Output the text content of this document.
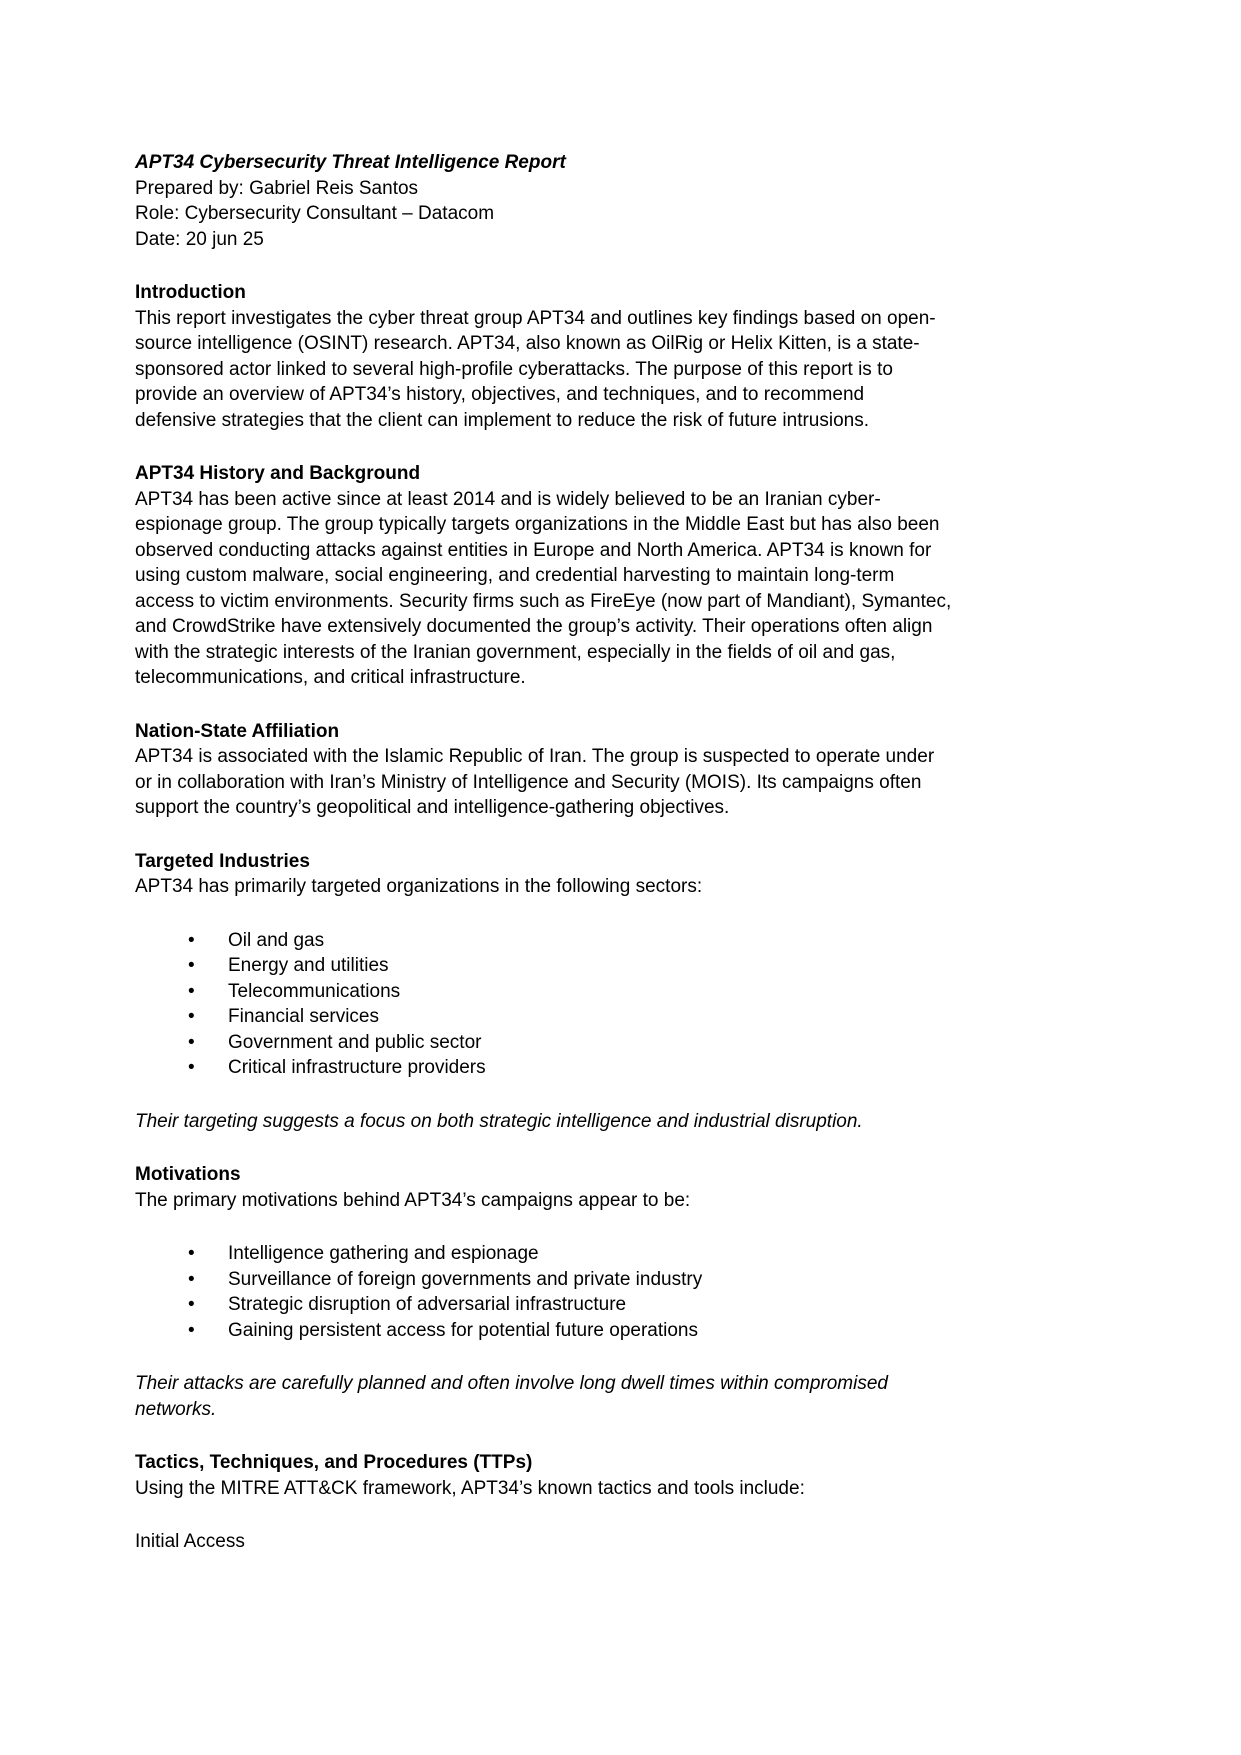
APT34 Cybersecurity Threat Intelligence Report
Prepared by: Gabriel Reis Santos
Role: Cybersecurity Consultant – Datacom
Date: 20 jun 25
Introduction

This report investigates the cyber threat group APT34 and outlines key findings based on open-
source intelligence (OSINT) research. APT34, also known as OilRig or Helix Kitten, is a state-
sponsored actor linked to several high-profile cyberattacks. The purpose of this report is to
provide an overview of APT34’s history, objectives, and techniques, and to recommend
defensive strategies that the client can implement to reduce the risk of future intrusions.

APT34 History and Background

APT34 has been active since at least 2014 and is widely believed to be an Iranian cyber-
espionage group. The group typically targets organizations in the Middle East but has also been
observed conducting attacks against entities in Europe and North America. APT34 is known for
using custom malware, social engineering, and credential harvesting to maintain long-term
access to victim environments. Security firms such as FireEye (now part of Mandiant), Symantec,
and CrowdStrike have extensively documented the group’s activity. Their operations often align
with the strategic interests of the Iranian government, especially in the fields of oil and gas,
telecommunications, and critical infrastructure.

Nation-State Affiliation

APT34 is associated with the Islamic Republic of Iran. The group is suspected to operate under
or in collaboration with Iran’s Ministry of Intelligence and Security (MOIS). Its campaigns often
support the country’s geopolitical and intelligence-gathering objectives.

Targeted Industries

APT34 has primarily targeted organizations in the following sectors:

• Oil and gas
• Energy and utilities
• Telecommunications
• Financial services
• Government and public sector
• Critical infrastructure providers

Their targeting suggests a focus on both strategic intelligence and industrial disruption.

Motivations

The primary motivations behind APT34’s campaigns appear to be:

• Intelligence gathering and espionage
• Surveillance of foreign governments and private industry
• Strategic disruption of adversarial infrastructure
• Gaining persistent access for potential future operations

Their attacks are carefully planned and often involve long dwell times within compromised
networks.

Tactics, Techniques, and Procedures (TTPs)

Using the MITRE ATT&CK framework, APT34’s known tactics and tools include:

Initial Access
